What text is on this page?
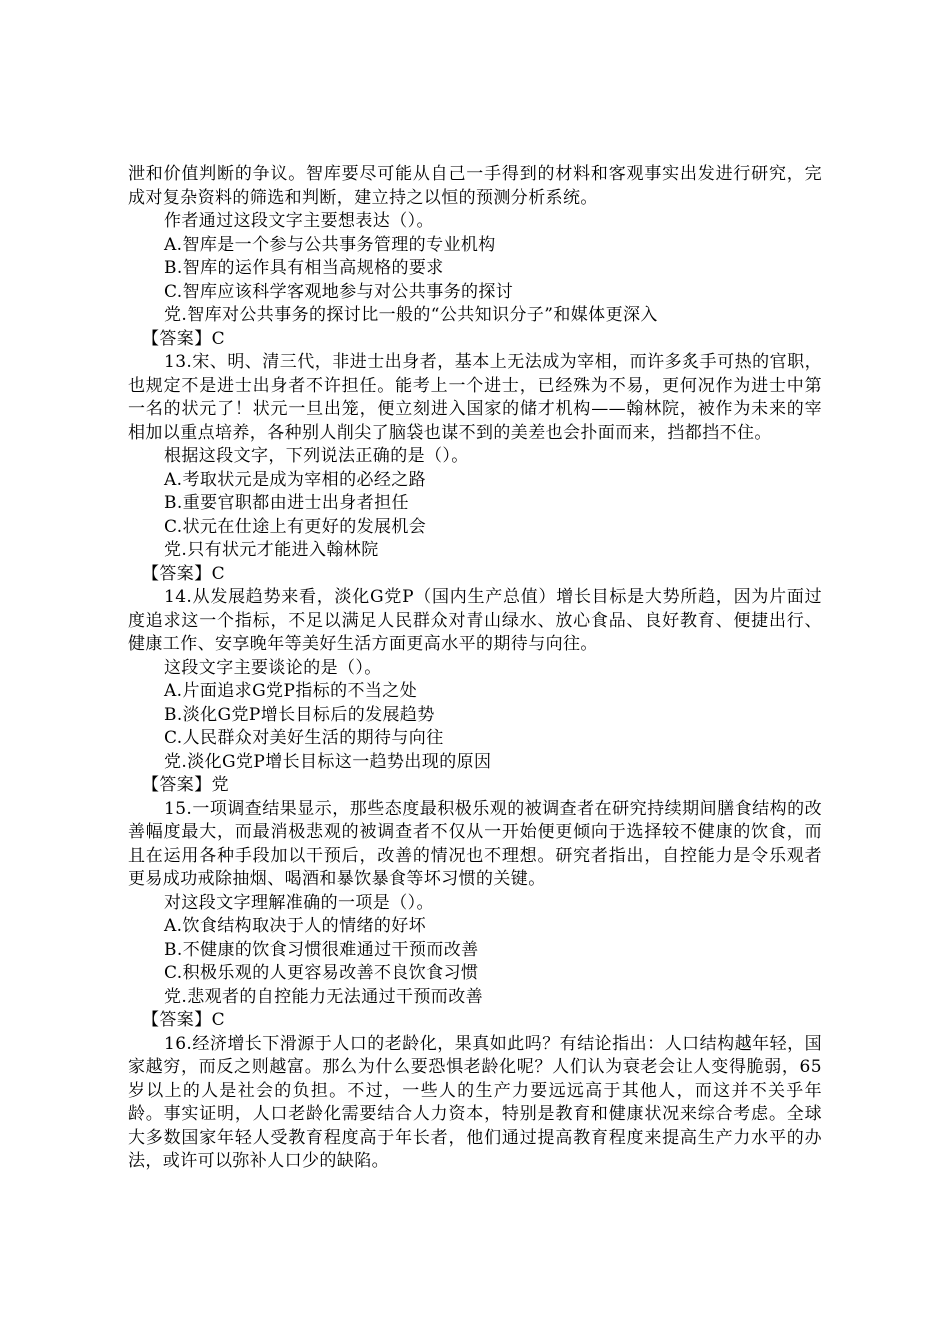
泄和价值判断的争议。智库要尽可能从自己一手得到的材料和客观事实出发进行研究，完成对复杂资料的筛选和判断，建立持之以恒的预测分析系统。

作者通过这段文字主要想表达（）。

A.智库是一个参与公共事务管理的专业机构

B.智库的运作具有相当高规格的要求

C.智库应该科学客观地参与对公共事务的探讨

党.智库对公共事务的探讨比一般的“公共知识分子”和媒体更深入

【答案】C

13.宋、明、清三代，非进士出身者，基本上无法成为宰相，而许多炙手可热的官职，也规定不是进士出身者不许担任。能考上一个进士，已经殊为不易，更何况作为进士中第一名的状元了！状元一旦出笼，便立刻进入国家的储才机构——翰林院，被作为未来的宰相加以重点培养，各种别人削尖了脑袋也谋不到的美差也会扑面而来，挡都挡不住。

根据这段文字，下列说法正确的是（）。

A.考取状元是成为宰相的必经之路

B.重要官职都由进士出身者担任

C.状元在仕途上有更好的发展机会

党.只有状元才能进入翰林院

【答案】C

14.从发展趋势来看，淡化G党P（国内生产总值）增长目标是大势所趋，因为片面过度追求这一个指标，不足以满足人民群众对青山绿水、放心食品、良好教育、便捷出行、健康工作、安享晚年等美好生活方面更高水平的期待与向往。

这段文字主要谈论的是（）。

A.片面追求G党P指标的不当之处

B.淡化G党P增长目标后的发展趋势

C.人民群众对美好生活的期待与向往

党.淡化G党P增长目标这一趋势出现的原因

【答案】党

15.一项调查结果显示，那些态度最积极乐观的被调查者在研究持续期间膳食结构的改善幅度最大，而最消极悲观的被调查者不仅从一开始便更倾向于选择较不健康的饮食，而且在运用各种手段加以干预后，改善的情况也不理想。研究者指出，自控能力是令乐观者更易成功戒除抽烟、喝酒和暴饮暴食等坏习惯的关键。

对这段文字理解准确的一项是（）。

A.饮食结构取决于人的情绪的好坏

B.不健康的饮食习惯很难通过干预而改善

C.积极乐观的人更容易改善不良饮食习惯

党.悲观者的自控能力无法通过干预而改善

【答案】C

16.经济增长下滑源于人口的老龄化，果真如此吗？有结论指出：人口结构越年轻，国家越穷，而反之则越富。那么为什么要恐惧老龄化呢？人们认为衰老会让人变得脆弱，65岁以上的人是社会的负担。不过，一些人的生产力要远远高于其他人，而这并不关乎年龄。事实证明，人口老龄化需要结合人力资本，特别是教育和健康状况来综合考虑。全球大多数国家年轻人受教育程度高于年长者，他们通过提高教育程度来提高生产力水平的办法，或许可以弥补人口少的缺陷。
